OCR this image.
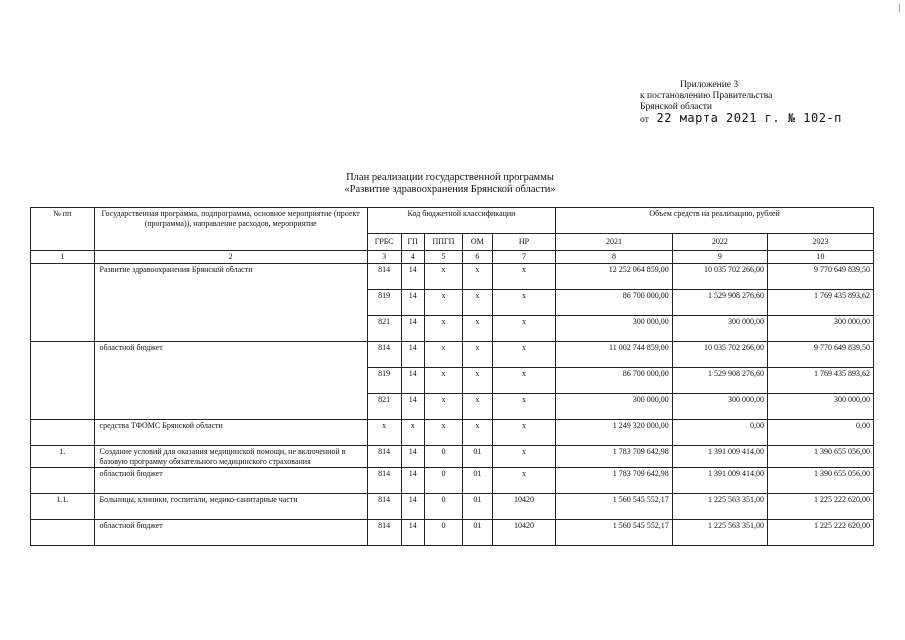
Приложение 3
к постановлению Правительства
Брянской области
от 22 марта 2021 г. № 102-п
План реализации государственной программы
«Развитие здравоохранения Брянской области»
№ пп	Государственная программа, подпрограмма, основное мероприятие (проект (программа)), направление расходов, мероприятие	Код бюджетной классификации					Объем средств на реализацию, рублей		
		ГРБС	ГП	ППГП	ОМ	НР	2021	2022	2023
1	2	3	4	5	6	7	8	9	10
	Развитие здравоохранения Брянской области	814	14	x	x	x	12 252 064 859,00	10 035 702 266,00	9 770 649 839,50
		819	14	x	x	x	86 700 000,00	1 529 908 276,60	1 769 435 893,62
		821	14	x	x	x	300 000,00	300 000,00	300 000,00
	областной бюджет	814	14	x	x	x	11 002 744 859,00	10 035 702 266,00	9 770 649 839,50
		819	14	x	x	x	86 700 000,00	1 529 908 276,60	1 769 435 893,62
		821	14	x	x	x	300 000,00	300 000,00	300 000,00
	средства ТФОМС Брянской области	x	x	x	x	x	1 249 320 000,00	0,00	0,00
1.	Создание условий для оказания медицинской помощи, не включенной в базовую программу обязательного медицинского страхования	814	14	0	01	x	1 783 709 642,98	1 391 009 414,00	1 390 655 056,00
	областной бюджет	814	14	0	01	x	1 783 709 642,98	1 391 009 414,00	1 390 655 056,00
1.1.	Больницы, клиники, госпитали, медико-санитарные части	814	14	0	01	10420	1 560 545 552,17	1 225 563 351,00	1 225 222 620,00
	областной бюджет	814	14	0	01	10420	1 560 545 552,17	1 225 563 351,00	1 225 222 620,00
